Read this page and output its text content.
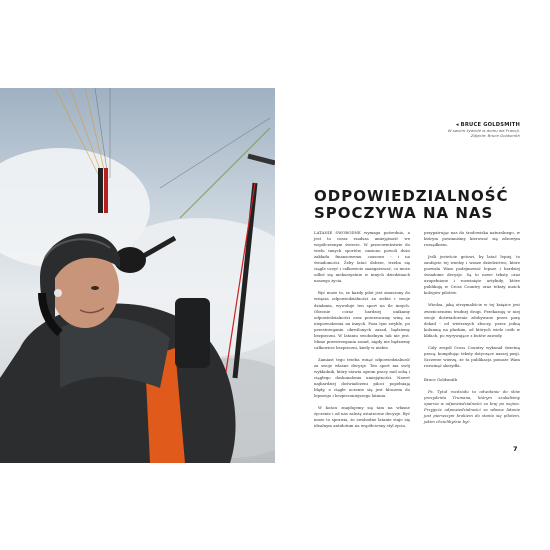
◂ BRUCE GOLDSMITH
W swoim żywiole w domu we Francji.
Zdjęcie: Bruce Goldsmith
ODPOWIEDZIALNOŚĆ
SPOCZYWA NA NAS

LATANIE SWOBODNE wymaga pośrednio, a jest to coraz rzadsza umiejętność we współczesnym świecie. W przeciwieństwie do wielu innych sportów, nasiono powoli dużo zakładu finansowemu czasowo - i na świadomości. Żeby latać dobrze, trzeba się ciągle uczyć i całkowicie zaangażować, co może odbić się niekorzystnie w innych dziedzinach naszego życia.

Być może to, że każdy pilot jest zmuszony do wzięcia odpowiedzialności za siebie i swoje działania, wywołuje ten sport na tle innych. Obecnie coraz bardziej unikamy odpowiedzialności oraz przerzucamy winę za niepowodzenia na innych. Poza tym zwykle, po przestrzeganiu określonych zasad, będziemy bezpieczni. W lataniu swobodnym tak nie jest. Mimo przestrzegania zasad, nigdy nie będziemy całkowicie bezpieczni, kiedy w niebie.

Zamiast tego trzeba wziąć odpowiedzialność za swoje własne decyzje. Ten sport ma swój wykładnik, który stawia ogrom pracy nad sobą i ciągłego doskonalenia umiejętności. Nawet najbardziej doświadczeni piloci popełniają błędy, a ciągłe uczenie się jest kluczem do lepszego i bezpieczniejszego latania.

W końcu znajdujemy się tam na własne życzenie i od nas zależą ostateczne decyzje. Być może to sprawia, że swobodne latanie staje się idealnym antidotum na współczesny styl życia,

przypatrując nas do środowiska naturalnego, w którym powinniśmy kierować się zdrowym rozsądkiem.

Jeśli jesteście gotowi, by latać lepiej, to zaufajcie tej wiedzy i wasze dziedzictwo, które pozwala Wam podejmować lepsze i bardziej świadome decyzje. Są to nowe teksty oraz uzupełnione i rozwinięte artykuły, które publikuję w Cross Country oraz teksty moich kolegów pilotów.

Wiedza, jaką otrzymaliście w tej książce jest zwieńczeniem trudnej drogi. Przekazuję w niej swoje doświadczenie zdobywane przez parę dekad - od wietrznych zboczy, przez jedną kolumnę na płaskim, od których wiele osób w klifach, po wyrywające z butów zawody.

Cały zespół Cross Country wykonał świetną pracę, kompilując teksty dotyczące naszej pasji. Szczerze wierzę, że ta publikacja pomoże Wam rozwinąć skrzydła.

Bruce Goldsmith

Ps. Tytuł rozdziału to odwołanie do słów prezydenta Trumana, którym szukaliśmy oparcia w odpowiedzialności za kraj po wojnie. Przyjęcie odpowiedzialności za własne latanie jest pierwszym krokiem do stania się pilotem, jakim chcielibyście być.

7
